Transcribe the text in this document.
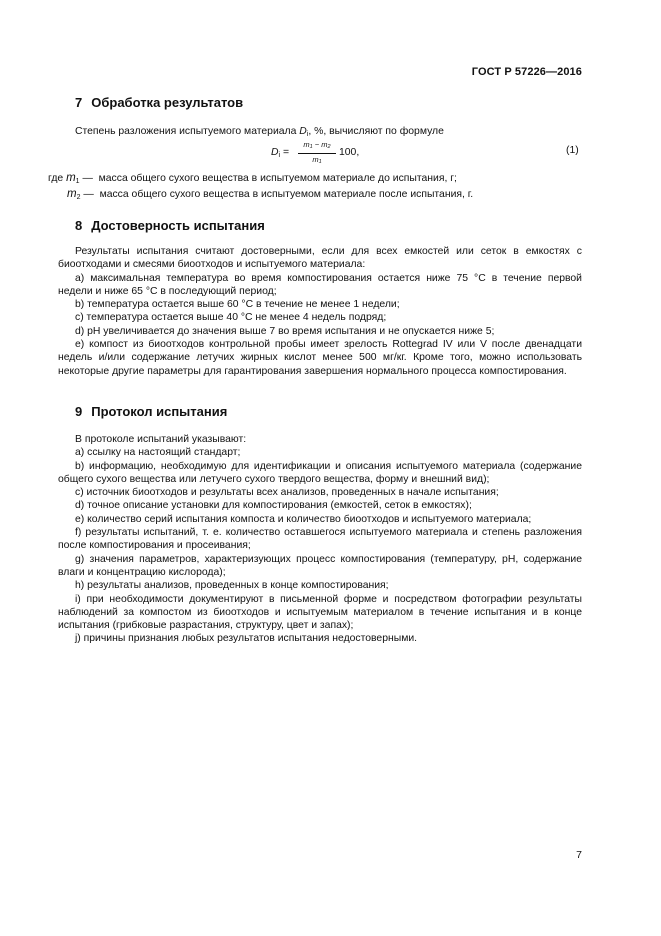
ГОСТ Р 57226—2016
7 Обработка результатов
Степень разложения испытуемого материала $D_i$, %, вычисляют по формуле
$D_i$ =
$m_1 - m_2$
$m_1$
100,	(1)
где $m_1$ — масса общего сухого вещества в испытуемом материале до испытания, г;
$m_2$ — масса общего сухого вещества в испытуемом материале после испытания, г.
8 Достоверность испытания

Результаты испытания считают достоверными, если для всех емкостей или сеток в емкостях с биоотходами и смесями биоотходов и испытуемого материала:

a) максимальная температура во время компостирования остается ниже 75 °С в течение первой недели и ниже 65 °С в последующий период;

b) температура остается выше 60 °С в течение не менее 1 недели;

c) температура остается выше 40 °С не менее 4 недель подряд;

d) pH увеличивается до значения выше 7 во время испытания и не опускается ниже 5;

e) компост из биоотходов контрольной пробы имеет зрелость Rottegrad IV или V после двенадцати недель и/или содержание летучих жирных кислот менее 500 мг/кг. Кроме того, можно использовать некоторые другие параметры для гарантирования завершения нормального процесса компостирования.

9 Протокол испытания

В протоколе испытаний указывают:

a) ссылку на настоящий стандарт;

b) информацию, необходимую для идентификации и описания испытуемого материала (содержание общего сухого вещества или летучего сухого твердого вещества, форму и внешний вид);

c) источник биоотходов и результаты всех анализов, проведенных в начале испытания;

d) точное описание установки для компостирования (емкостей, сеток в емкостях);

e) количество серий испытания компоста и количество биоотходов и испытуемого материала;

f) результаты испытаний, т. е. количество оставшегося испытуемого материала и степень разложения после компостирования и просеивания;

g) значения параметров, характеризующих процесс компостирования (температуру, pH, содержание влаги и концентрацию кислорода);

h) результаты анализов, проведенных в конце компостирования;

i) при необходимости документируют в письменной форме и посредством фотографии результаты наблюдений за компостом из биоотходов и испытуемым материалом в течение испытания и в конце испытания (грибковые разрастания, структуру, цвет и запах);

j) причины признания любых результатов испытания недостоверными.

7
